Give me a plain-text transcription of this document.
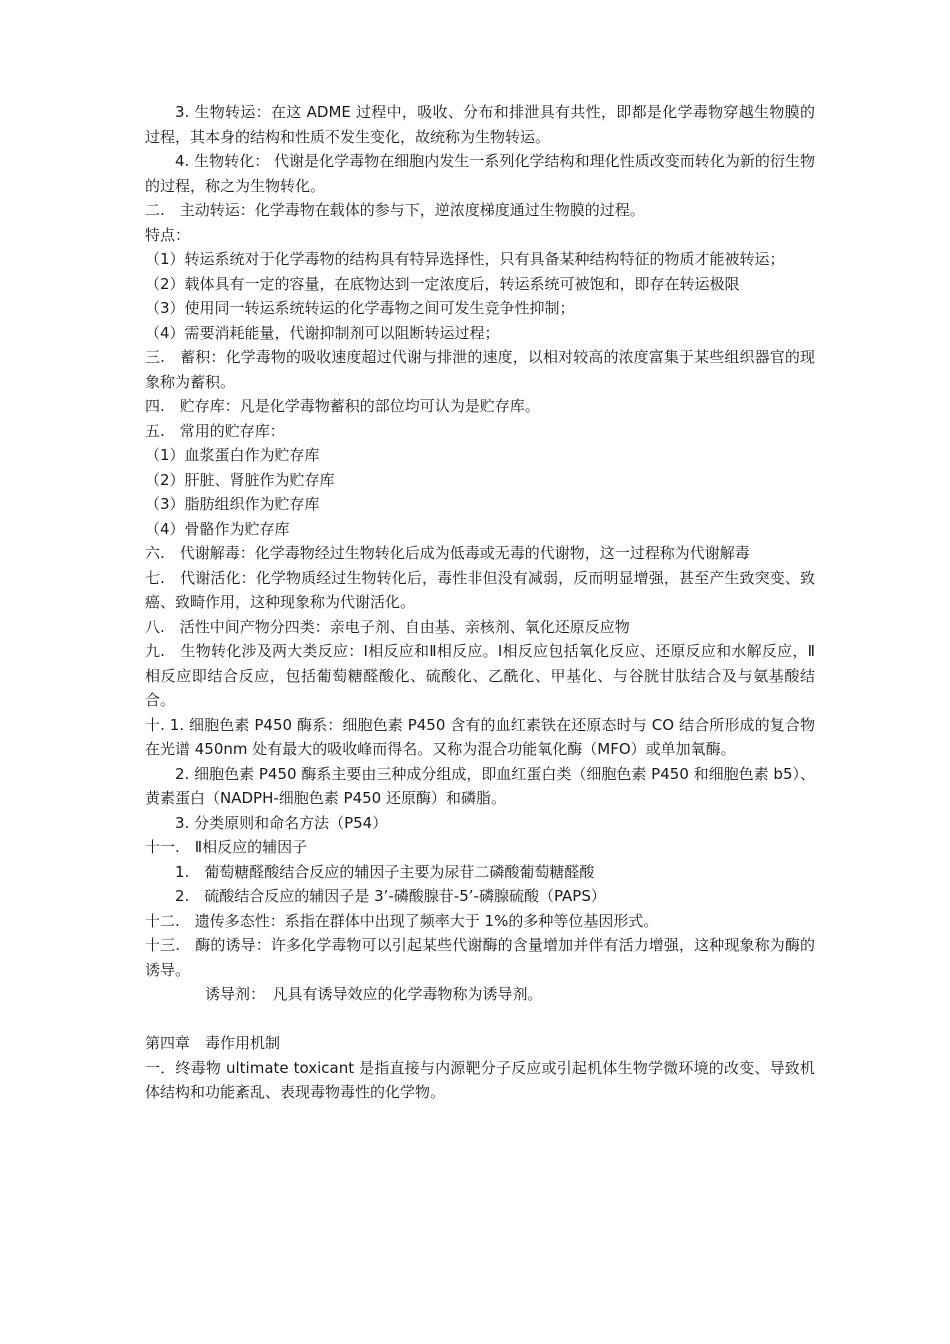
3. 生物转运：在这 ADME 过程中，吸收、分布和排泄具有共性，即都是化学毒物穿越生物膜的过程，其本身的结构和性质不发生变化，故统称为生物转运。

4. 生物转化： 代谢是化学毒物在细胞内发生一系列化学结构和理化性质改变而转化为新的衍生物的过程，称之为生物转化。

二.　主动转运：化学毒物在载体的参与下，逆浓度梯度通过生物膜的过程。

特点：

（1）转运系统对于化学毒物的结构具有特异选择性，只有具备某种结构特征的物质才能被转运；

（2）载体具有一定的容量，在底物达到一定浓度后，转运系统可被饱和，即存在转运极限

（3）使用同一转运系统转运的化学毒物之间可发生竞争性抑制；

（4）需要消耗能量，代谢抑制剂可以阻断转运过程；

三.　蓄积：化学毒物的吸收速度超过代谢与排泄的速度，以相对较高的浓度富集于某些组织器官的现象称为蓄积。

四.　贮存库：凡是化学毒物蓄积的部位均可认为是贮存库。

五.　常用的贮存库：

（1）血浆蛋白作为贮存库

（2）肝脏、肾脏作为贮存库

（3）脂肪组织作为贮存库

（4）骨骼作为贮存库

六.　代谢解毒：化学毒物经过生物转化后成为低毒或无毒的代谢物，这一过程称为代谢解毒

七.　代谢活化：化学物质经过生物转化后，毒性非但没有减弱，反而明显增强，甚至产生致突变、致癌、致畸作用，这种现象称为代谢活化。

八.　活性中间产物分四类：亲电子剂、自由基、亲核剂、氧化还原反应物

九.　生物转化涉及两大类反应：Ⅰ相反应和Ⅱ相反应。Ⅰ相反应包括氧化反应、还原反应和水解反应，Ⅱ相反应即结合反应，包括葡萄糖醛酸化、硫酸化、乙酰化、甲基化、与谷胱甘肽结合及与氨基酸结合。

十. 1. 细胞色素 P450 酶系：细胞色素 P450 含有的血红素铁在还原态时与 CO 结合所形成的复合物在光谱 450nm 处有最大的吸收峰而得名。又称为混合功能氧化酶（MFO）或单加氧酶。

2. 细胞色素 P450 酶系主要由三种成分组成，即血红蛋白类（细胞色素 P450 和细胞色素 b5）、黄素蛋白（NADPH-细胞色素 P450 还原酶）和磷脂。

3. 分类原则和命名方法（P54）

十一.　Ⅱ相反应的辅因子

1.　葡萄糖醛酸结合反应的辅因子主要为尿苷二磷酸葡萄糖醛酸

2.　硫酸结合反应的辅因子是 3’-磷酸腺苷-5’-磷腺硫酸（PAPS）

十二.　遗传多态性：系指在群体中出现了频率大于 1%的多种等位基因形式。

十三.　酶的诱导：许多化学毒物可以引起某些代谢酶的含量增加并伴有活力增强，这种现象称为酶的诱导。

诱导剂：　凡具有诱导效应的化学毒物称为诱导剂。

第四章　毒作用机制

一．终毒物 ultimate toxicant 是指直接与内源靶分子反应或引起机体生物学微环境的改变、导致机体结构和功能紊乱、表现毒物毒性的化学物。
